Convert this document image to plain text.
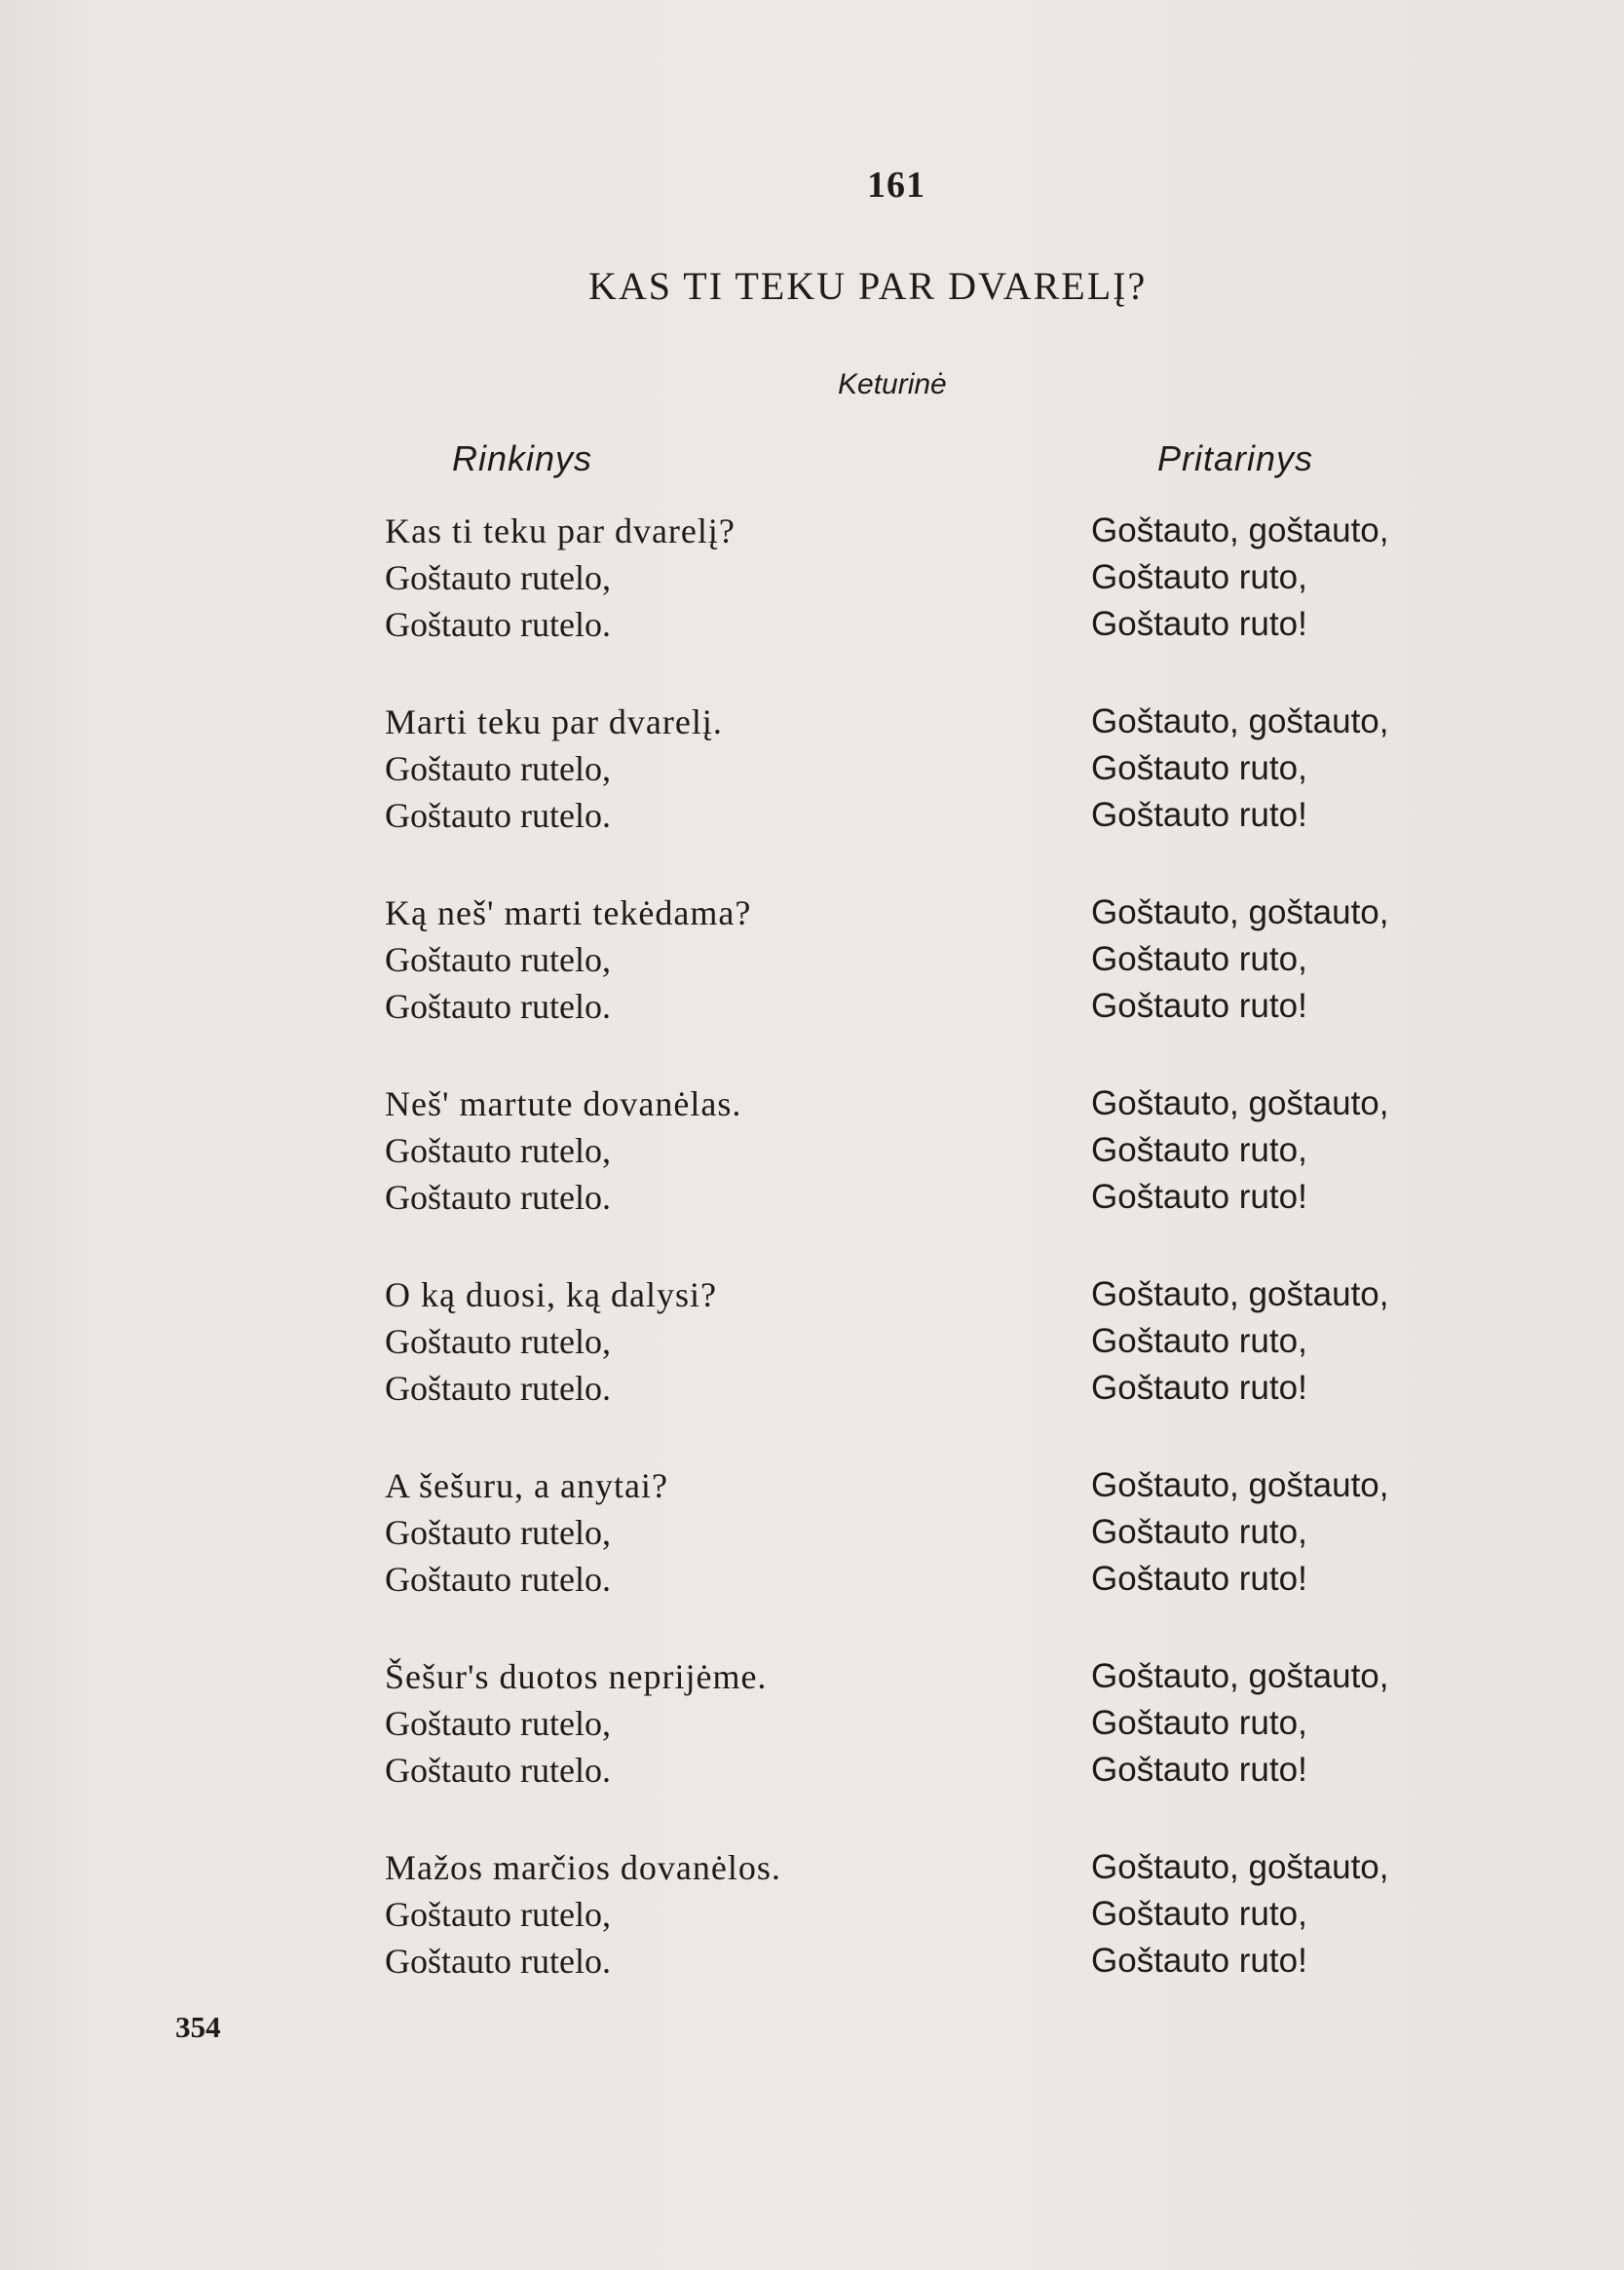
161
KAS TI TEKU PAR DVARELĮ?
Keturinė
Rinkinys	Pritarinys
Kas ti teku par dvarelį?
Goštauto rutelo,
Goštauto rutelo.
Marti teku par dvarelį.
Goštauto rutelo,
Goštauto rutelo.
Ką neš' marti tekėdama?
Goštauto rutelo,
Goštauto rutelo.
Neš' martute dovanėlas.
Goštauto rutelo,
Goštauto rutelo.
O ką duosi, ką dalysi?
Goštauto rutelo,
Goštauto rutelo.
A šešuru, a anytai?
Goštauto rutelo,
Goštauto rutelo.
Šešur's duotos neprijėme.
Goštauto rutelo,
Goštauto rutelo.
Mažos marčios dovanėlos.
Goštauto rutelo,
Goštauto rutelo.
Goštauto, goštauto,
Goštauto ruto,
Goštauto ruto!
Goštauto, goštauto,
Goštauto ruto,
Goštauto ruto!
Goštauto, goštauto,
Goštauto ruto,
Goštauto ruto!
Goštauto, goštauto,
Goštauto ruto,
Goštauto ruto!
Goštauto, goštauto,
Goštauto ruto,
Goštauto ruto!
Goštauto, goštauto,
Goštauto ruto,
Goštauto ruto!
Goštauto, goštauto,
Goštauto ruto,
Goštauto ruto!
Goštauto, goštauto,
Goštauto ruto,
Goštauto ruto!
354
